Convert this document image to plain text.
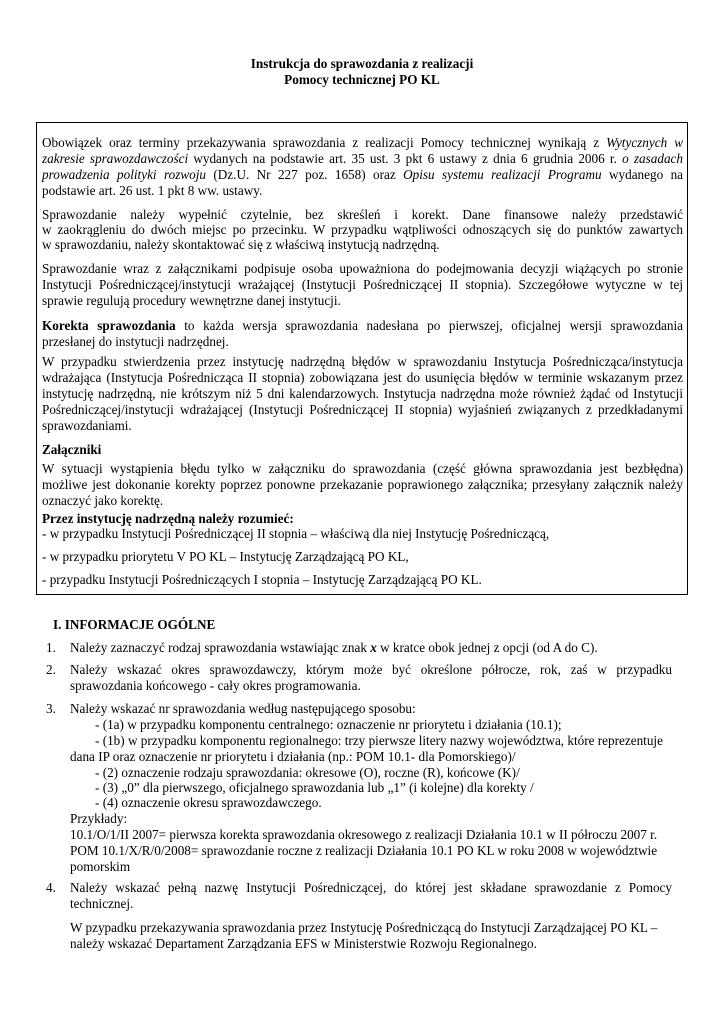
Instrukcja do sprawozdania z realizacji
Pomocy technicznej PO KL
Obowiązek oraz terminy przekazywania sprawozdania z realizacji Pomocy technicznej wynikają z Wytycznych w
zakresie sprawozdawczości wydanych na podstawie art. 35 ust. 3 pkt 6 ustawy z dnia 6 grudnia 2006 r. o zasadach
prowadzenia polityki rozwoju (Dz.U. Nr 227 poz. 1658) oraz Opisu systemu realizacji Programu wydanego na
podstawie art. 26 ust. 1 pkt 8 ww. ustawy.
Sprawozdanie należy wypełnić czytelnie, bez skreśleń i korekt. Dane finansowe należy przedstawić
w zaokrągleniu do dwóch miejsc po przecinku. W przypadku wątpliwości odnoszących się do punktów zawartych
w sprawozdaniu, należy skontaktować się z właściwą instytucją nadrzędną.
Sprawozdanie wraz z załącznikami podpisuje osoba upoważniona do podejmowania decyzji wiążących po stronie
Instytucji Pośredniczącej/instytucji wrażającej (Instytucji Pośredniczącej II stopnia). Szczegółowe wytyczne w tej
sprawie regulują procedury wewnętrzne danej instytucji.
Korekta sprawozdania to każda wersja sprawozdania nadesłana po pierwszej, oficjalnej wersji sprawozdania
przesłanej do instytucji nadrzędnej.
W przypadku stwierdzenia przez instytucję nadrzędną błędów w sprawozdaniu Instytucja Pośrednicząca/instytucja
wdrażająca (Instytucja Pośrednicząca II stopnia) zobowiązana jest do usunięcia błędów w terminie wskazanym przez
instytucję nadrzędną, nie krótszym niż 5 dni kalendarzowych. Instytucja nadrzędna może również żądać od Instytucji
Pośredniczącej/instytucji wdrażającej (Instytucji Pośredniczącej II stopnia) wyjaśnień związanych z przedkładanymi
sprawozdaniami.
Załączniki
W sytuacji wystąpienia błędu tylko w załączniku do sprawozdania (część główna sprawozdania jest bezbłędna)
możliwe jest dokonanie korekty poprzez ponowne przekazanie poprawionego załącznika; przesyłany załącznik należy
oznaczyć jako korektę.
Przez instytucję nadrzędną należy rozumieć:
- w przypadku Instytucji Pośredniczącej II stopnia – właściwą dla niej Instytucję Pośredniczącą,
- w przypadku priorytetu V PO KL – Instytucję Zarządzającą PO KL,
- przypadku Instytucji Pośredniczących I stopnia – Instytucję Zarządzającą PO KL.
I. INFORMACJE OGÓLNE
1.	Należy zaznaczyć rodzaj sprawozdania wstawiając znak x w kratce obok jednej z opcji (od A do C).
2.	Należy wskazać okres sprawozdawczy, którym może być określone półrocze, rok, zaś w przypadku
sprawozdania końcowego - cały okres programowania.
3.	Należy wskazać nr sprawozdania według następującego sposobu:
- (1a) w przypadku komponentu centralnego: oznaczenie nr priorytetu i działania (10.1);
- (1b) w przypadku komponentu regionalnego: trzy pierwsze litery nazwy województwa, które reprezentuje
dana IP oraz oznaczenie nr priorytetu i działania (np.: POM 10.1- dla Pomorskiego)/
- (2) oznaczenie rodzaju sprawozdania: okresowe (O), roczne (R), końcowe (K)/
- (3) „0” dla pierwszego, oficjalnego sprawozdania lub „1” (i kolejne) dla korekty /
- (4) oznaczenie okresu sprawozdawczego.
Przykłady:
10.1/O/1/II 2007= pierwsza korekta sprawozdania okresowego z realizacji Działania 10.1 w II półroczu 2007 r.
POM 10.1/X/R/0/2008= sprawozdanie roczne z realizacji Działania 10.1 PO KL w roku 2008 w województwie
pomorskim
4.	Należy wskazać pełną nazwę Instytucji Pośredniczącej, do której jest składane sprawozdanie z Pomocy
technicznej.
W pzypadku przekazywania sprawozdania przez Instytucję Pośredniczącą do Instytucji Zarządzającej PO KL –
należy wskazać Departament Zarządzania EFS w Ministerstwie Rozwoju Regionalnego.
